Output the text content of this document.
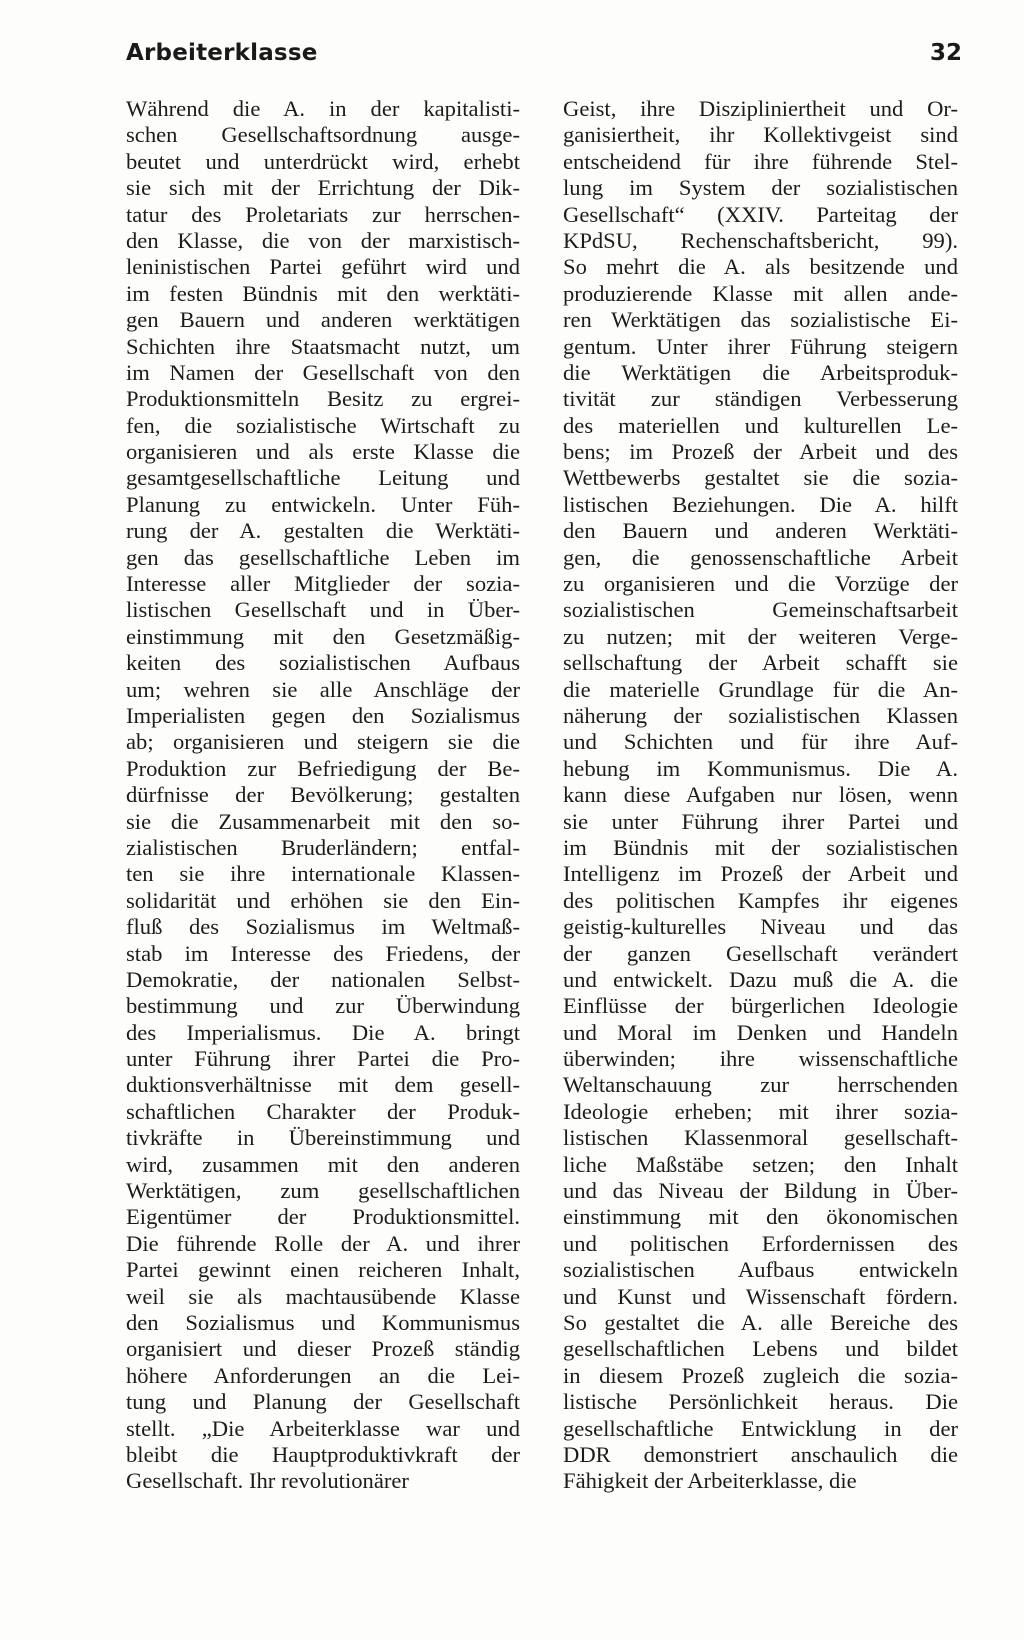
Arbeiterklasse	32
Während die A. in der kapitalisti-
schen Gesellschaftsordnung ausge-
beutet und unterdrückt wird, erhebt
sie sich mit der Errichtung der Dik-
tatur des Proletariats zur herrschen-
den Klasse, die von der marxistisch-
leninistischen Partei geführt wird und
im festen Bündnis mit den werktäti-
gen Bauern und anderen werktätigen
Schichten ihre Staatsmacht nutzt, um
im Namen der Gesellschaft von den
Produktionsmitteln Besitz zu ergrei-
fen, die sozialistische Wirtschaft zu
organisieren und als erste Klasse die
gesamtgesellschaftliche Leitung und
Planung zu entwickeln. Unter Füh-
rung der A. gestalten die Werktäti-
gen das gesellschaftliche Leben im
Interesse aller Mitglieder der sozia-
listischen Gesellschaft und in Über-
einstimmung mit den Gesetzmäßig-
keiten des sozialistischen Aufbaus
um; wehren sie alle Anschläge der
Imperialisten gegen den Sozialismus
ab; organisieren und steigern sie die
Produktion zur Befriedigung der Be-
dürfnisse der Bevölkerung; gestalten
sie die Zusammenarbeit mit den so-
zialistischen Bruderländern; entfal-
ten sie ihre internationale Klassen-
solidarität und erhöhen sie den Ein-
fluß des Sozialismus im Weltmaß-
stab im Interesse des Friedens, der
Demokratie, der nationalen Selbst-
bestimmung und zur Überwindung
des Imperialismus. Die A. bringt
unter Führung ihrer Partei die Pro-
duktionsverhältnisse mit dem gesell-
schaftlichen Charakter der Produk-
tivkräfte in Übereinstimmung und
wird, zusammen mit den anderen
Werktätigen, zum gesellschaftlichen
Eigentümer der Produktionsmittel.
Die führende Rolle der A. und ihrer
Partei gewinnt einen reicheren Inhalt,
weil sie als machtausübende Klasse
den Sozialismus und Kommunismus
organisiert und dieser Prozeß ständig
höhere Anforderungen an die Lei-
tung und Planung der Gesellschaft
stellt. „Die Arbeiterklasse war und
bleibt die Hauptproduktivkraft der
Gesellschaft. Ihr revolutionärer
Geist, ihre Diszipliniertheit und Or-
ganisiertheit, ihr Kollektivgeist sind
entscheidend für ihre führende Stel-
lung im System der sozialistischen
Gesellschaft“ (XXIV. Parteitag der
KPdSU, Rechenschaftsbericht, 99).
So mehrt die A. als besitzende und
produzierende Klasse mit allen ande-
ren Werktätigen das sozialistische Ei-
gentum. Unter ihrer Führung steigern
die Werktätigen die Arbeitsproduk-
tivität zur ständigen Verbesserung
des materiellen und kulturellen Le-
bens; im Prozeß der Arbeit und des
Wettbewerbs gestaltet sie die sozia-
listischen Beziehungen. Die A. hilft
den Bauern und anderen Werktäti-
gen, die genossenschaftliche Arbeit
zu organisieren und die Vorzüge der
sozialistischen Gemeinschaftsarbeit
zu nutzen; mit der weiteren Verge-
sellschaftung der Arbeit schafft sie
die materielle Grundlage für die An-
näherung der sozialistischen Klassen
und Schichten und für ihre Auf-
hebung im Kommunismus. Die A.
kann diese Aufgaben nur lösen, wenn
sie unter Führung ihrer Partei und
im Bündnis mit der sozialistischen
Intelligenz im Prozeß der Arbeit und
des politischen Kampfes ihr eigenes
geistig-kulturelles Niveau und das
der ganzen Gesellschaft verändert
und entwickelt. Dazu muß die A. die
Einflüsse der bürgerlichen Ideologie
und Moral im Denken und Handeln
überwinden; ihre wissenschaftliche
Weltanschauung zur herrschenden
Ideologie erheben; mit ihrer sozia-
listischen Klassenmoral gesellschaft-
liche Maßstäbe setzen; den Inhalt
und das Niveau der Bildung in Über-
einstimmung mit den ökonomischen
und politischen Erfordernissen des
sozialistischen Aufbaus entwickeln
und Kunst und Wissenschaft fördern.
So gestaltet die A. alle Bereiche des
gesellschaftlichen Lebens und bildet
in diesem Prozeß zugleich die sozia-
listische Persönlichkeit heraus. Die
gesellschaftliche Entwicklung in der
DDR demonstriert anschaulich die
Fähigkeit der Arbeiterklasse, die
